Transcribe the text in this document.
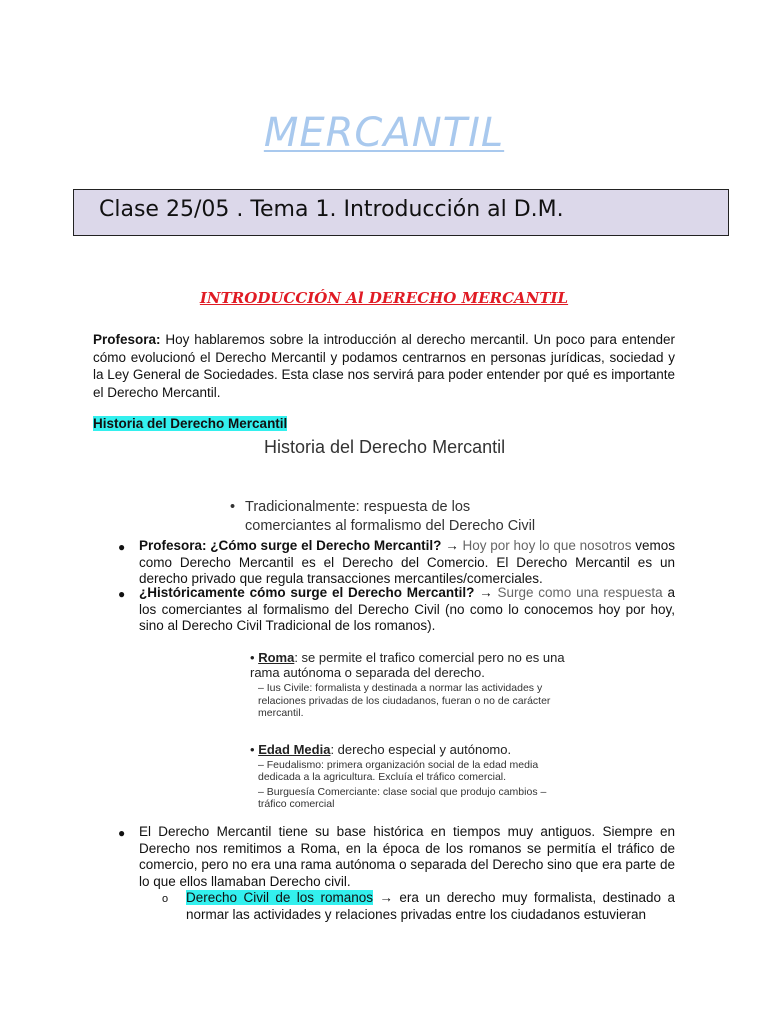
MERCANTIL
Clase 25/05 . Tema 1. Introducción al D.M.
INTRODUCCIÓN Al DERECHO MERCANTIL
Profesora: Hoy hablaremos sobre la introducción al derecho mercantil. Un poco para entender cómo evolucionó el Derecho Mercantil y podamos centrarnos en personas jurídicas, sociedad y la Ley General de Sociedades. Esta clase nos servirá para poder entender por qué es importante el Derecho Mercantil.
Historia del Derecho Mercantil
Historia del Derecho Mercantil
• Tradicionalmente: respuesta de los comerciantes al formalismo del Derecho Civil
● Profesora: ¿Cómo surge el Derecho Mercantil? → Hoy por hoy lo que nosotros vemos como Derecho Mercantil es el Derecho del Comercio. El Derecho Mercantil es un derecho privado que regula transacciones mercantiles/comerciales.
● ¿Históricamente cómo surge el Derecho Mercantil? → Surge como una respuesta a los comerciantes al formalismo del Derecho Civil (no como lo conocemos hoy por hoy, sino al Derecho Civil Tradicional de los romanos).
• Roma: se permite el trafico comercial pero no es una rama autónoma o separada del derecho.
– Ius Civile: formalista y destinada a normar las actividades y relaciones privadas de los ciudadanos, fueran o no de carácter mercantil.
• Edad Media: derecho especial y autónomo.
– Feudalismo: primera organización social de la edad media dedicada a la agricultura. Excluía el tráfico comercial.
– Burguesía Comerciante: clase social que produjo cambios – tráfico comercial
● El Derecho Mercantil tiene su base histórica en tiempos muy antiguos. Siempre en Derecho nos remitimos a Roma, en la época de los romanos se permitía el tráfico de comercio, pero no era una rama autónoma o separada del Derecho sino que era parte de lo que ellos llamaban Derecho civil.
o Derecho Civil de los romanos → era un derecho muy formalista, destinado a normar las actividades y relaciones privadas entre los ciudadanos estuvieran
